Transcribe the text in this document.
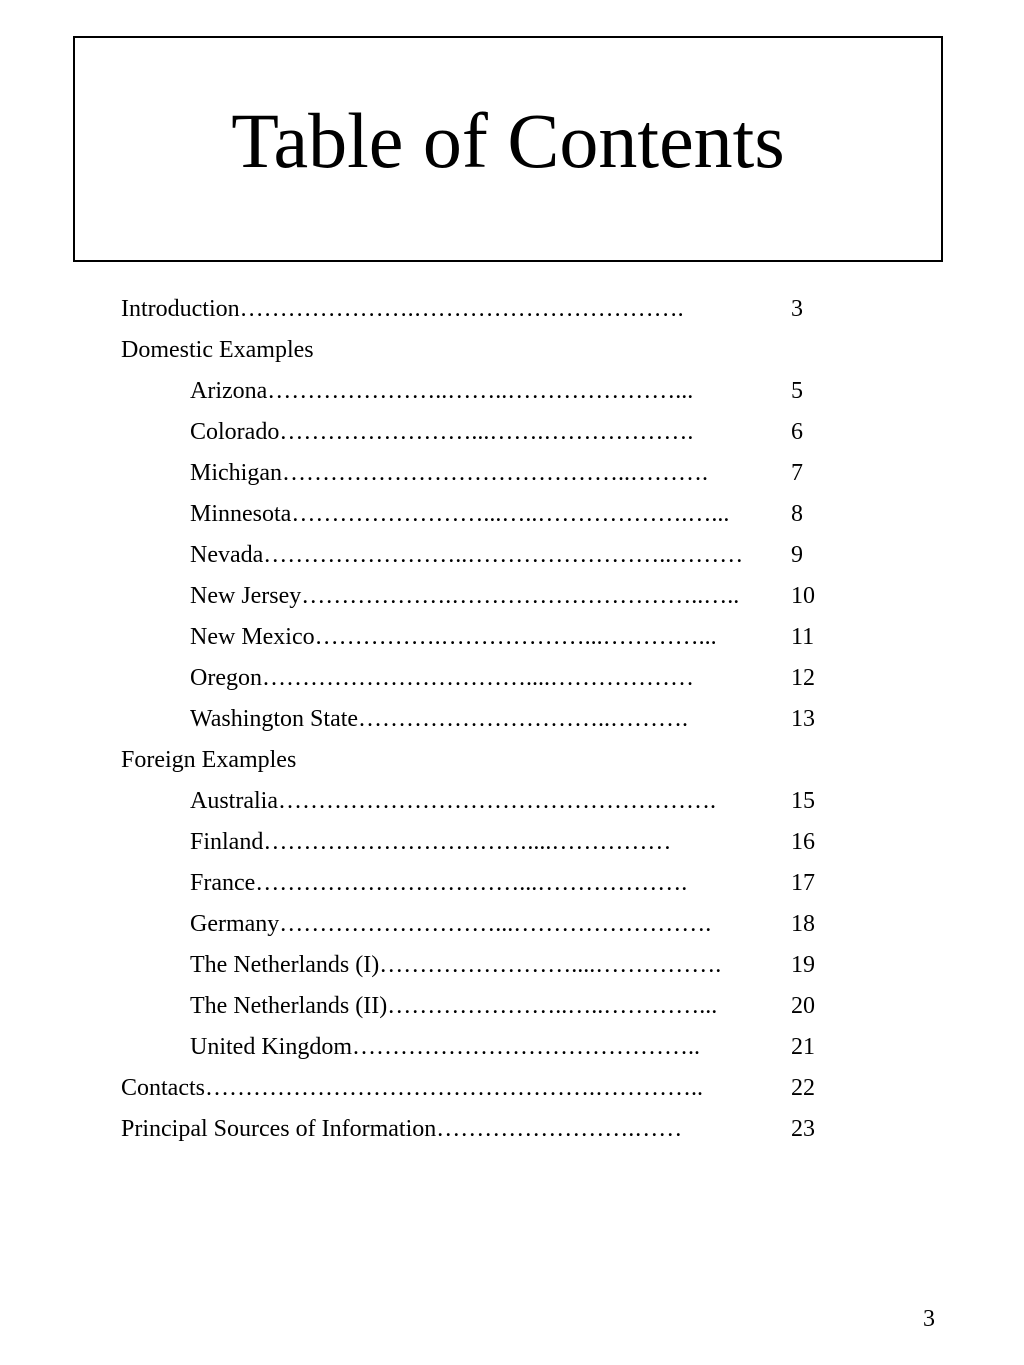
Table of Contents
Introduction………………….…………………………….	3
Domestic Examples
Arizona…………………..……..…………………...	5
Colorado……………………...…….……………….	6
Michigan……………………………………..……….	7
Minnesota……………………...…..……………….…...	8
Nevada……………………..……………………..……… 9
New Jersey……………….…………………………..….. 10
New Mexico…………….………………...…………...	11
Oregon……………………………....………………	12
Washington State…………………………..……….	13
Foreign Examples
Australia……………………………………………….	15
Finland……………………………....……………	16
France……………………………...……………….	17
Germany………………………...…………………….	18
The Netherlands (I)……………………....…………….	19
The Netherlands (II)…………………..…..…………...	20
United Kingdom……………………………………..	21
Contacts………………………………………….…………..	22
Principal Sources of Information…………………….……	23
3
